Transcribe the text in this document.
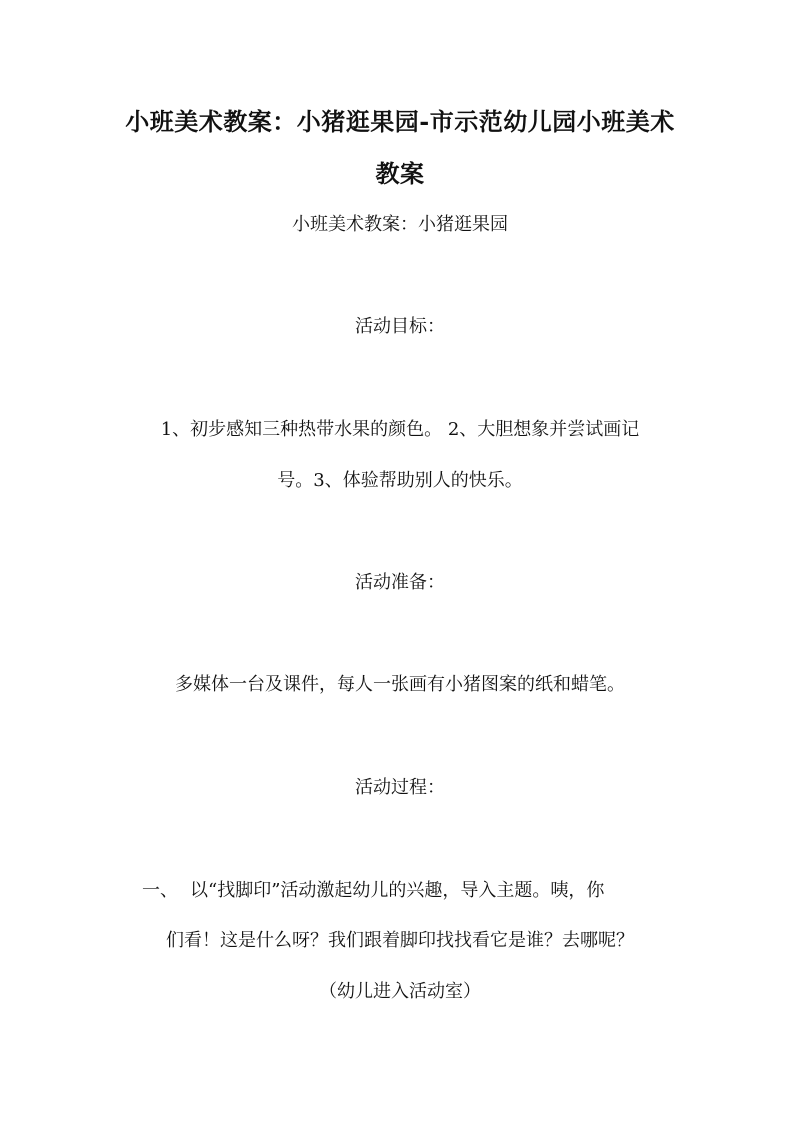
小班美术教案：小猪逛果园-市示范幼儿园小班美术
教案
小班美术教案：小猪逛果园
活动目标：
1、初步感知三种热带水果的颜色。 2、大胆想象并尝试画记
号。3、体验帮助别人的快乐。
活动准备：
多媒体一台及课件，每人一张画有小猪图案的纸和蜡笔。
活动过程：
一、 以“找脚印”活动激起幼儿的兴趣，导入主题。咦，你
们看！这是什么呀？我们跟着脚印找找看它是谁？去哪呢？
（幼儿进入活动室）
